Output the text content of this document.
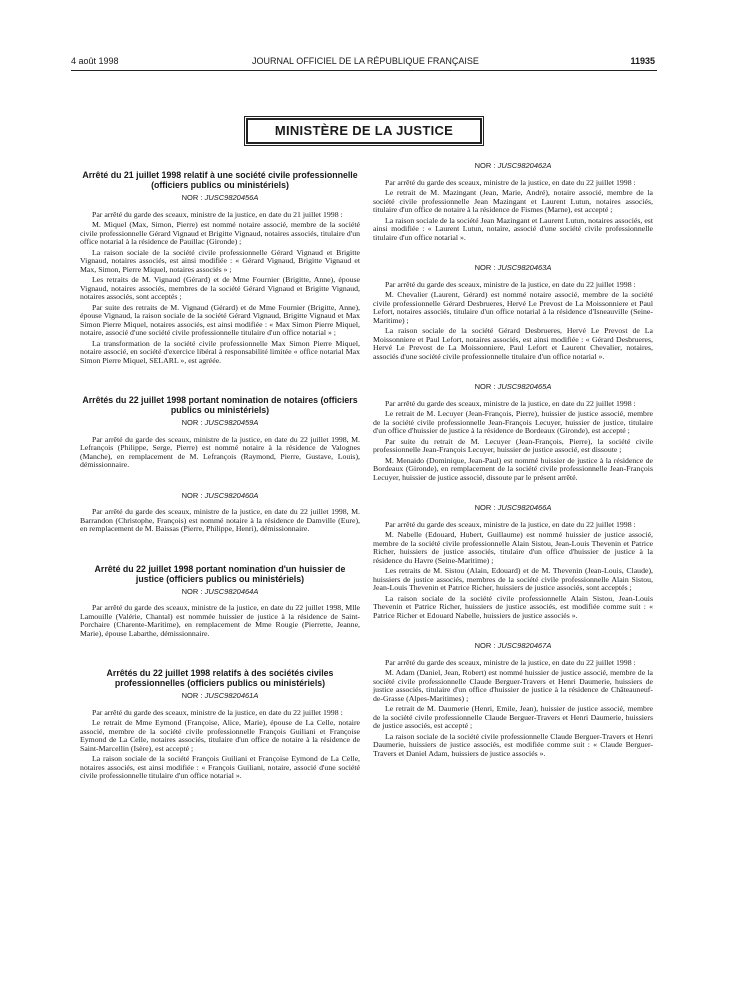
4 août 1998	JOURNAL OFFICIEL DE LA RÉPUBLIQUE FRANÇAISE	11935
MINISTÈRE DE LA JUSTICE
Arrêté du 21 juillet 1998 relatif à une société civile professionnelle (officiers publics ou ministériels)
NOR : JUSC9820456A

Par arrêté du garde des sceaux, ministre de la justice, en date du 21 juillet 1998 :

M. Miquel (Max, Simon, Pierre) est nommé notaire associé, membre de la société civile professionnelle Gérard Vignaud et Brigitte Vignaud, notaires associés, titulaire d'un office notarial à la résidence de Pauillac (Gironde) ;

La raison sociale de la société civile professionnelle Gérard Vignaud et Brigitte Vignaud, notaires associés, est ainsi modifiée : « Gérard Vignaud, Brigitte Vignaud et Max, Simon, Pierre Miquel, notaires associés » ;

Les retraits de M. Vignaud (Gérard) et de Mme Fournier (Brigitte, Anne), épouse Vignaud, notaires associés, membres de la société Gérard Vignaud et Brigitte Vignaud, notaires associés, sont acceptés ;

Par suite des retraits de M. Vignaud (Gérard) et de Mme Fournier (Brigitte, Anne), épouse Vignaud, la raison sociale de la société Gérard Vignaud, Brigitte Vignaud et Max Simon Pierre Miquel, notaires associés, est ainsi modifiée : « Max Simon Pierre Miquel, notaire, associé d'une société civile professionnelle titulaire d'un office notarial » ;

La transformation de la société civile professionnelle Max Simon Pierre Miquel, notaire associé, en société d'exercice libéral à responsabilité limitée « office notarial Max Simon Pierre Miquel, SELARL », est agréée.

Arrêtés du 22 juillet 1998 portant nomination de notaires (officiers publics ou ministériels)
NOR : JUSC9820459A

Par arrêté du garde des sceaux, ministre de la justice, en date du 22 juillet 1998, M. Lefrançois (Philippe, Serge, Pierre) est nommé notaire à la résidence de Valognes (Manche), en remplacement de M. Lefrançois (Raymond, Pierre, Gustave, Louis), démissionnaire.

NOR : JUSC9820460A

Par arrêté du garde des sceaux, ministre de la justice, en date du 22 juillet 1998, M. Barrandon (Christophe, François) est nommé notaire à la résidence de Damville (Eure), en remplacement de M. Baissas (Pierre, Philippe, Henri), démissionnaire.

Arrêté du 22 juillet 1998 portant nomination d'un huissier de justice (officiers publics ou ministériels)
NOR : JUSC9820464A

Par arrêté du garde des sceaux, ministre de la justice, en date du 22 juillet 1998, Mlle Lamouille (Valérie, Chantal) est nommée huissier de justice à la résidence de Saint-Porchaire (Charente-Maritime), en remplacement de Mme Rougie (Pierrette, Jeanne, Marie), épouse Labarthe, démissionnaire.

Arrêtés du 22 juillet 1998 relatifs à des sociétés civiles professionnelles (officiers publics ou ministériels)
NOR : JUSC9820461A

Par arrêté du garde des sceaux, ministre de la justice, en date du 22 juillet 1998 :

Le retrait de Mme Eymond (Françoise, Alice, Marie), épouse de La Celle, notaire associé, membre de la société civile professionnelle François Guiliani et Françoise Eymond de La Celle, notaires associés, titulaire d'un office de notaire à la résidence de Saint-Marcellin (Isère), est accepté ;

La raison sociale de la société François Guiliani et Françoise Eymond de La Celle, notaires associés, est ainsi modifiée : « François Guiliani, notaire, associé d'une société civile professionnelle titulaire d'un office notarial ».

NOR : JUSC9820462A

Par arrêté du garde des sceaux, ministre de la justice, en date du 22 juillet 1998 :

Le retrait de M. Mazingant (Jean, Marie, André), notaire associé, membre de la société civile professionnelle Jean Mazingant et Laurent Lutun, notaires associés, titulaire d'un office de notaire à la résidence de Fismes (Marne), est accepté ;

La raison sociale de la société Jean Mazingant et Laurent Lutun, notaires associés, est ainsi modifiée : « Laurent Lutun, notaire, associé d'une société civile professionnelle titulaire d'un office notarial ».

NOR : JUSC9820463A

Par arrêté du garde des sceaux, ministre de la justice, en date du 22 juillet 1998 :

M. Chevalier (Laurent, Gérard) est nommé notaire associé, membre de la société civile professionnelle Gérard Desbrueres, Hervé Le Prevost de La Moissonniere et Paul Lefort, notaires associés, titulaire d'un office notarial à la résidence d'Isneauville (Seine-Maritime) ;

La raison sociale de la société Gérard Desbrueres, Hervé Le Prevost de La Moissonniere et Paul Lefort, notaires associés, est ainsi modifiée : « Gérard Desbrueres, Hervé Le Prevost de La Moissonniere, Paul Lefort et Laurent Chevalier, notaires, associés d'une société civile professionnelle titulaire d'un office notarial ».

NOR : JUSC9820465A

Par arrêté du garde des sceaux, ministre de la justice, en date du 22 juillet 1998 :

Le retrait de M. Lecuyer (Jean-François, Pierre), huissier de justice associé, membre de la société civile professionnelle Jean-François Lecuyer, huissier de justice, titulaire d'un office d'huissier de justice à la résidence de Bordeaux (Gironde), est accepté ;

Par suite du retrait de M. Lecuyer (Jean-François, Pierre), la société civile professionnelle Jean-François Lecuyer, huissier de justice associé, est dissoute ;

M. Menaido (Dominique, Jean-Paul) est nommé huissier de justice à la résidence de Bordeaux (Gironde), en remplacement de la société civile professionnelle Jean-François Lecuyer, huissier de justice associé, dissoute par le présent arrêté.

NOR : JUSC9820466A

Par arrêté du garde des sceaux, ministre de la justice, en date du 22 juillet 1998 :

M. Nabelle (Edouard, Hubert, Guillaume) est nommé huissier de justice associé, membre de la société civile professionnelle Alain Sistou, Jean-Louis Thevenin et Patrice Richer, huissiers de justice associés, titulaire d'un office d'huissier de justice à la résidence du Havre (Seine-Maritime) ;

Les retraits de M. Sistou (Alain, Edouard) et de M. Thevenin (Jean-Louis, Claude), huissiers de justice associés, membres de la société civile professionnelle Alain Sistou, Jean-Louis Thevenin et Patrice Richer, huissiers de justice associés, sont acceptés ;

La raison sociale de la société civile professionnelle Alain Sistou, Jean-Louis Thevenin et Patrice Richer, huissiers de justice associés, est modifiée comme suit : « Patrice Richer et Edouard Nabelle, huissiers de justice associés ».

NOR : JUSC9820467A

Par arrêté du garde des sceaux, ministre de la justice, en date du 22 juillet 1998 :

M. Adam (Daniel, Jean, Robert) est nommé huissier de justice associé, membre de la société civile professionnelle Claude Berguer-Travers et Henri Daumerie, huissiers de justice associés, titulaire d'un office d'huissier de justice à la résidence de Châteauneuf-de-Grasse (Alpes-Maritimes) ;

Le retrait de M. Daumerie (Henri, Emile, Jean), huissier de justice associé, membre de la société civile professionnelle Claude Berguer-Travers et Henri Daumerie, huissiers de justice associés, est accepté ;

La raison sociale de la société civile professionnelle Claude Berguer-Travers et Henri Daumerie, huissiers de justice associés, est modifiée comme suit : « Claude Berguer-Travers et Daniel Adam, huissiers de justice associés ».
